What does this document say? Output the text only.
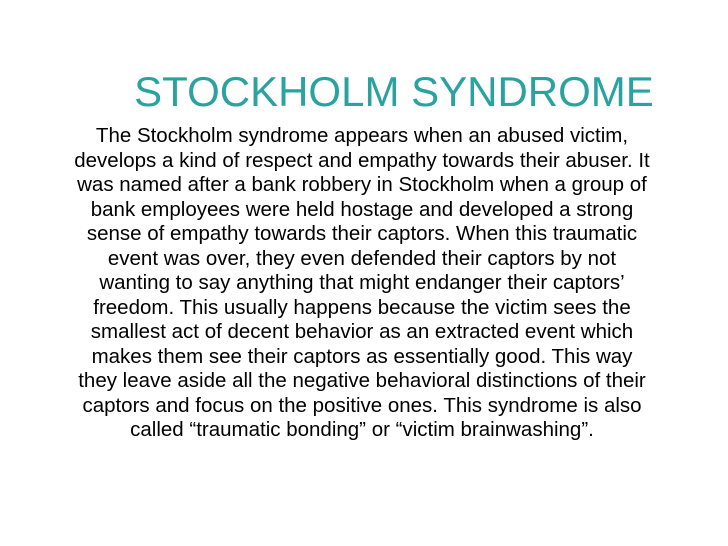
STOCKHOLM SYNDROME

The Stockholm syndrome appears when an abused victim, develops a kind of respect and empathy towards their abuser. It was named after a bank robbery in Stockholm when a group of bank employees were held hostage and developed a strong sense of empathy towards their captors. When this traumatic event was over, they even defended their captors by not wanting to say anything that might endanger their captors’ freedom. This usually happens because the victim sees the smallest act of decent behavior as an extracted event which makes them see their captors as essentially good. This way they leave aside all the negative behavioral distinctions of their captors and focus on the positive ones. This syndrome is also called “traumatic bonding” or “victim brainwashing”.
